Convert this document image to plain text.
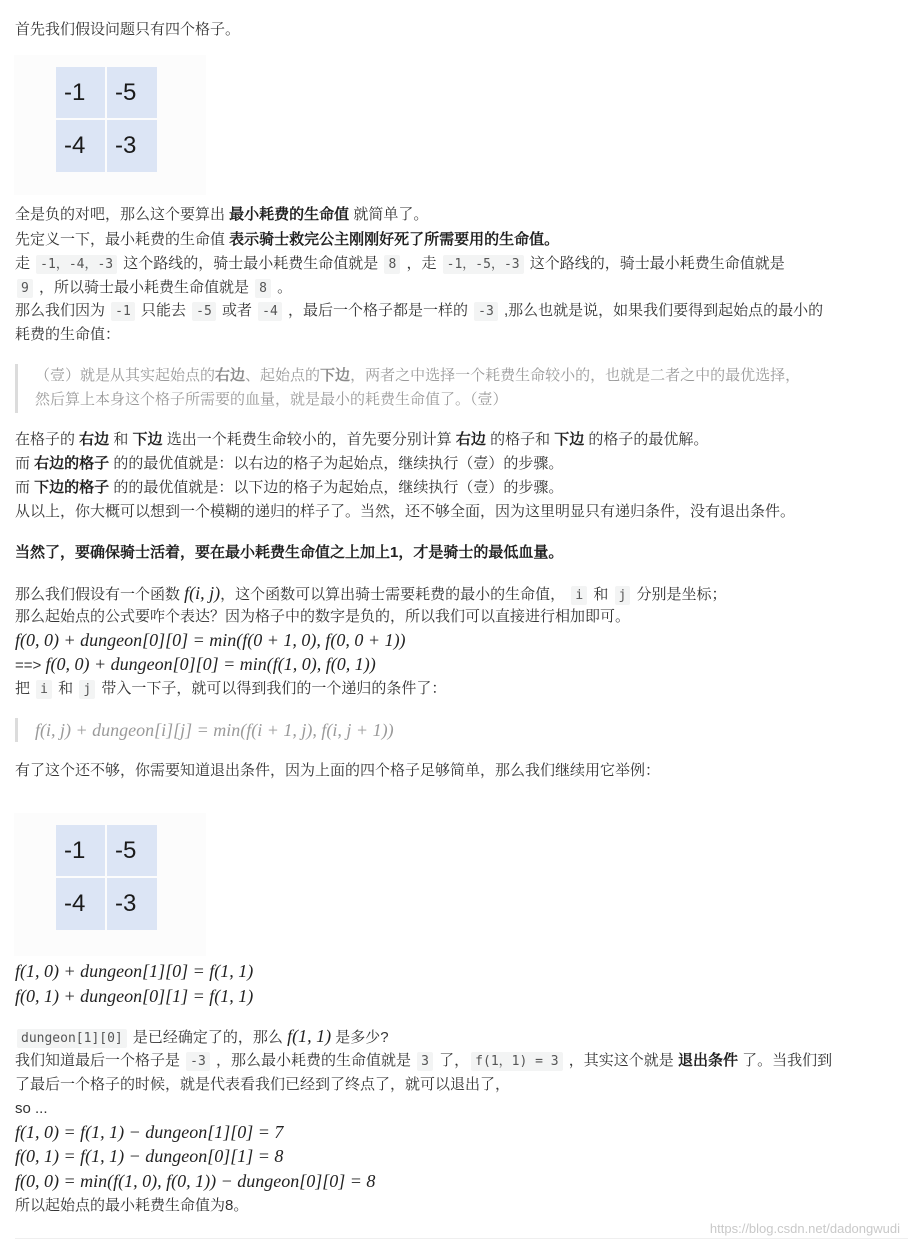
首先我们假设问题只有四个格子。
-1	-5
-4	-3
全是负的对吧，那么这个要算出 最小耗费的生命值 就简单了。
先定义一下，最小耗费的生命值 表示骑士救完公主刚刚好死了所需要用的生命值。
走 -1，-4，-3 这个路线的，骑士最小耗费生命值就是 8 ，走 -1，-5，-3 这个路线的，骑士最小耗费生命值就是
9 ，所以骑士最小耗费生命值就是 8 。
那么我们因为 -1 只能去 -5 或者 -4 ，最后一个格子都是一样的 -3 ,那么也就是说，如果我们要得到起始点的最小的
耗费的生命值：
（壹）就是从其实起始点的右边、起始点的下边，两者之中选择一个耗费生命较小的，也就是二者之中的最优选择，
然后算上本身这个格子所需要的血量，就是最小的耗费生命值了。（壹）
在格子的 右边 和 下边 选出一个耗费生命较小的，首先要分别计算 右边 的格子和 下边 的格子的最优解。
而 右边的格子 的的最优值就是：以右边的格子为起始点，继续执行（壹）的步骤。
而 下边的格子 的的最优值就是：以下边的格子为起始点，继续执行（壹）的步骤。
从以上，你大概可以想到一个模糊的递归的样子了。当然，还不够全面，因为这里明显只有递归条件，没有退出条件。
当然了，要确保骑士活着，要在最小耗费生命值之上加上1，才是骑士的最低血量。
那么我们假设有一个函数 f(i, j)，这个函数可以算出骑士需要耗费的最小的生命值， i 和 j 分别是坐标；
那么起始点的公式要咋个表达？因为格子中的数字是负的，所以我们可以直接进行相加即可。
f(0, 0) + dungeon[0][0] = min(f(0 + 1, 0), f(0, 0 + 1))
==> f(0, 0) + dungeon[0][0] = min(f(1, 0), f(0, 1))
把 i 和 j 带入一下子，就可以得到我们的一个递归的条件了：
f(i, j) + dungeon[i][j] = min(f(i + 1, j), f(i, j + 1))
有了这个还不够，你需要知道退出条件，因为上面的四个格子足够简单，那么我们继续用它举例：
-1	-5
-4	-3
f(1, 0) + dungeon[1][0] = f(1, 1)
f(0, 1) + dungeon[0][1] = f(1, 1)
dungeon[1][0] 是已经确定了的，那么 f(1, 1) 是多少?
我们知道最后一个格子是 -3 ，那么最小耗费的生命值就是 3 了， f(1，1) = 3 ，其实这个就是 退出条件 了。当我们到
了最后一个格子的时候，就是代表看我们已经到了终点了，就可以退出了，
so ...
f(1, 0) = f(1, 1) − dungeon[1][0] = 7
f(0, 1) = f(1, 1) − dungeon[0][1] = 8
f(0, 0) = min(f(1, 0), f(0, 1)) − dungeon[0][0] = 8
所以起始点的最小耗费生命值为8。
https://blog.csdn.net/dadongwudi
